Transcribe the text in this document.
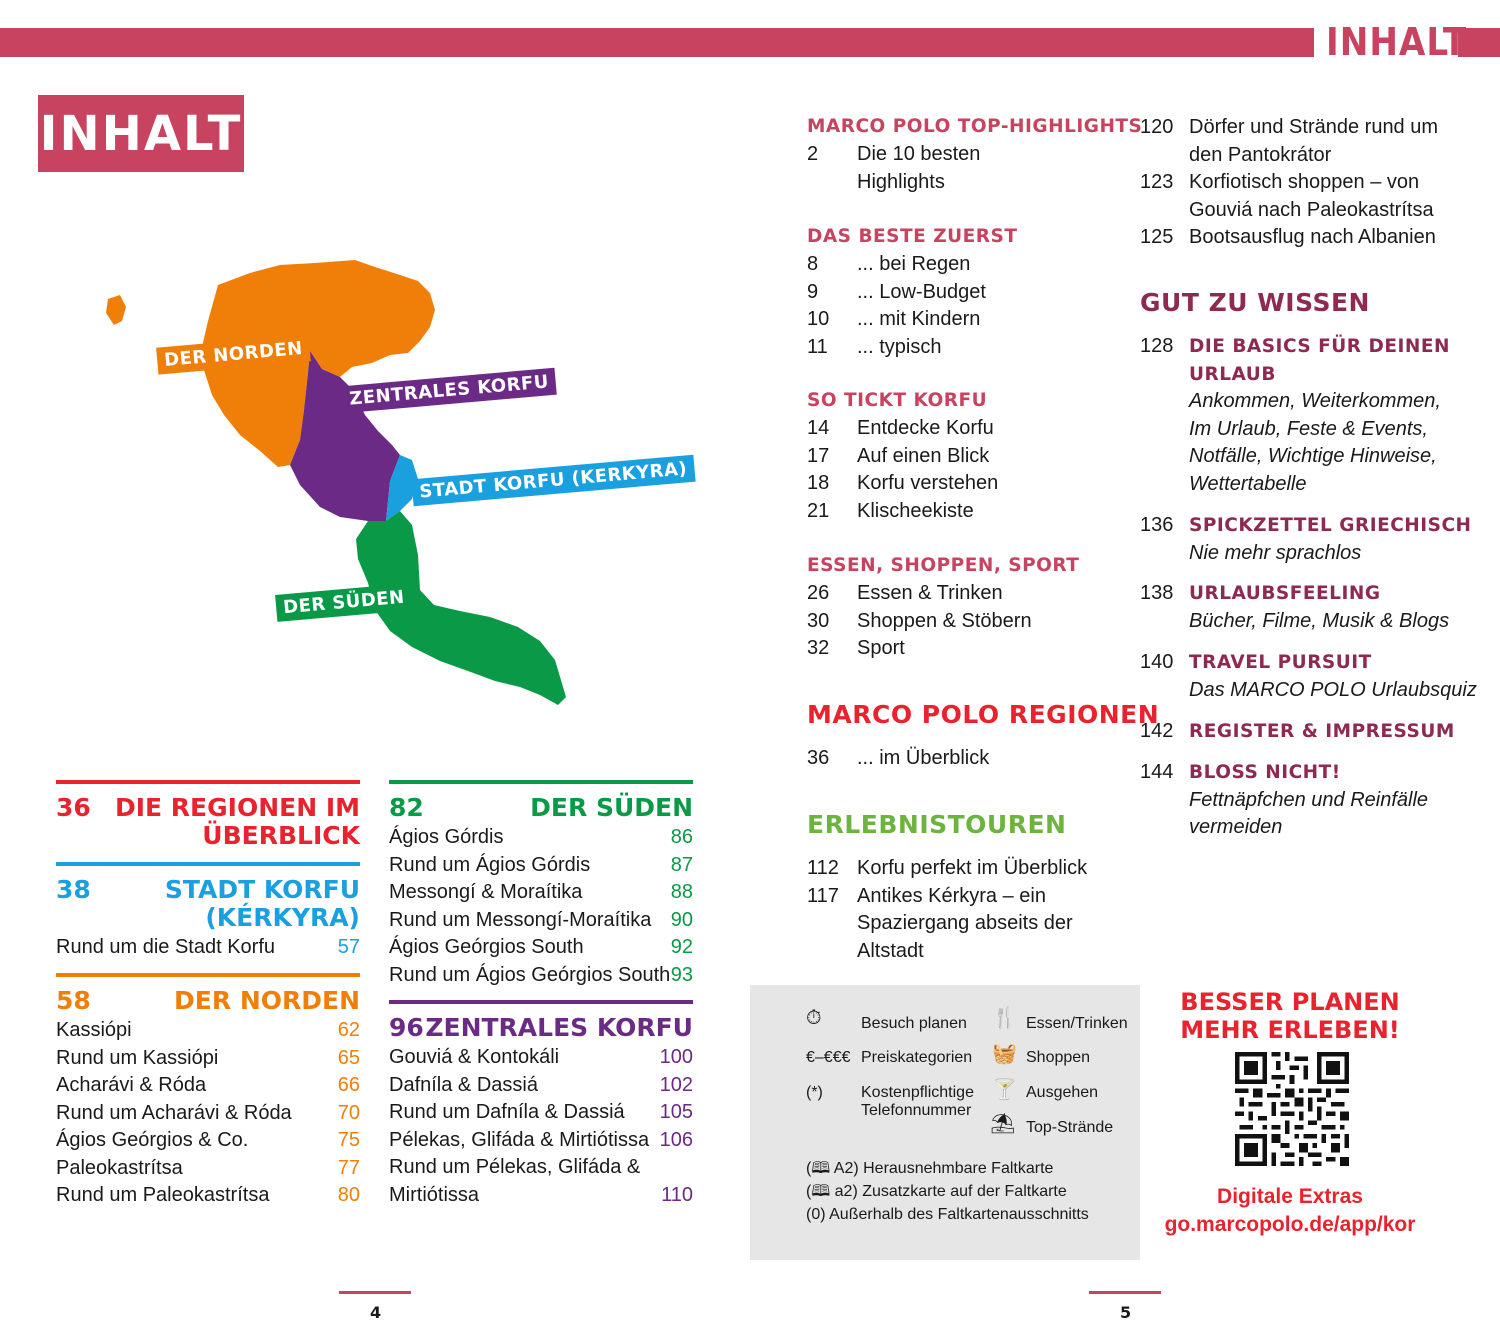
INHALT
INHALT
DER NORDEN
ZENTRALES KORFU
STADT KORFU (KERKYRA)
DER SÜDEN
36 DIE REGIONEN IM
ÜBERBLICK
38	STADT KORFU
(KÉRKYRA)
Rund um die Stadt Korfu	57
58	DER NORDEN
Kassiópi	62
Rund um Kassiópi	65
Acharávi & Róda	66
Rund um Acharávi & Róda 70
Ágios Geórgios & Co.	75
Paleokastrítsa	77
Rund um Paleokastrítsa	80
82	DER SÜDEN
Ágios Górdis	86
Rund um Ágios Górdis	87
Messongí & Moraítika	88
Rund um Messongí-Moraítika 90
Ágios Geórgios South	92
Rund um Ágios Geórgios South 93
96 ZENTRALES KORFU
Gouviá & Kontokáli	100
Dafníla & Dassiá	102
Rund um Dafníla & Dassiá 105
Pélekas, Glifáda & Mirtiótissa 106
Rund um Pélekas, Glifáda &
Mirtiótissa	110
MARCO POLO TOP-HIGHLIGHTS
2	Die 10 besten
Highlights
DAS BESTE ZUERST
8	... bei Regen
9	... Low-Budget
10	... mit Kindern
11	... typisch
SO TICKT KORFU
14	Entdecke Korfu
17	Auf einen Blick
18	Korfu verstehen
21	Klischeekiste
ESSEN, SHOPPEN, SPORT
26	Essen & Trinken
30	Shoppen & Stöbern
32	Sport
MARCO POLO REGIONEN
36	... im Überblick
ERLEBNISTOUREN
112 Korfu perfekt im Überblick
117 Antikes Kérkyra – ein
Spaziergang abseits der
Altstadt
120 Dörfer und Strände rund um
den Pantokrátor
123 Korfiotisch shoppen – von
Gouviá nach Paleokastrítsa
125 Bootsausflug nach Albanien
GUT ZU WISSEN
128 DIE BASICS FÜR DEINEN
URLAUB
Ankommen, Weiterkommen,
Im Urlaub, Feste & Events,
Notfälle, Wichtige Hinweise,
Wettertabelle
136 SPICKZETTEL GRIECHISCH
Nie mehr sprachlos
138 URLAUBSFEELING
Bücher, Filme, Musik & Blogs
140 TRAVEL PURSUIT
Das MARCO POLO Urlaubsquiz
142 REGISTER & IMPRESSUM
144 BLOSS NICHT!
Fettnäpfchen und Reinfälle
vermeiden
⏱ Besuch planen
€–€€€ Preiskategorien
(*) Kostenpflichtige
Telefonnummer
🍴 Essen/Trinken
🧺 Shoppen
🍸 Ausgehen
⛱ Top-Strände
(🕮 A2) Herausnehmbare Faltkarte
(🕮 a2) Zusatzkarte auf der Faltkarte
(0) Außerhalb des Faltkartenausschnitts
BESSER PLANEN
MEHR ERLEBEN!
Digitale Extras
go.marcopolo.de/app/kor
4	5
